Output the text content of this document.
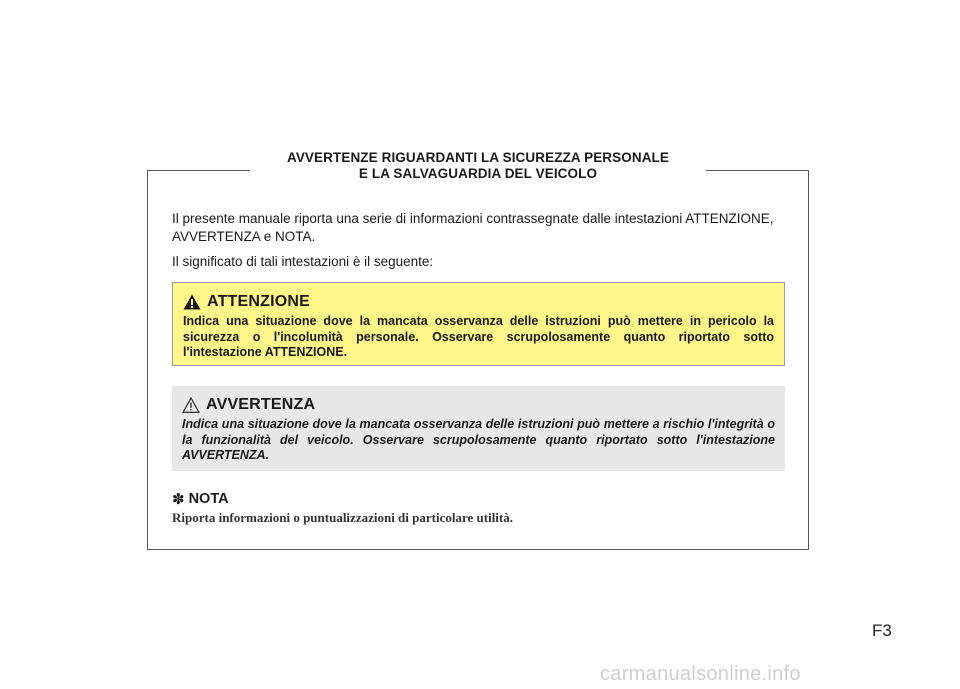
AVVERTENZE RIGUARDANTI LA SICUREZZA PERSONALE
E LA SALVAGUARDIA DEL VEICOLO

Il presente manuale riporta una serie di informazioni contrassegnate dalle intestazioni ATTENZIONE, AVVERTENZA e NOTA.

Il significato di tali intestazioni è il seguente:

ATTENZIONE
Indica una situazione dove la mancata osservanza delle istruzioni può mettere in pericolo la sicurezza o l'incolumità personale. Osservare scrupolosamente quanto riportato sotto l'intestazione ATTENZIONE.
AVVERTENZA
Indica una situazione dove la mancata osservanza delle istruzioni può mettere a rischio l'integrità o la funzionalità del veicolo. Osservare scrupolosamente quanto riportato sotto l'intestazione AVVERTENZA.
✽ NOTA
Riporta informazioni o puntualizzazioni di particolare utilità.
F3
carmanualsonline.info
